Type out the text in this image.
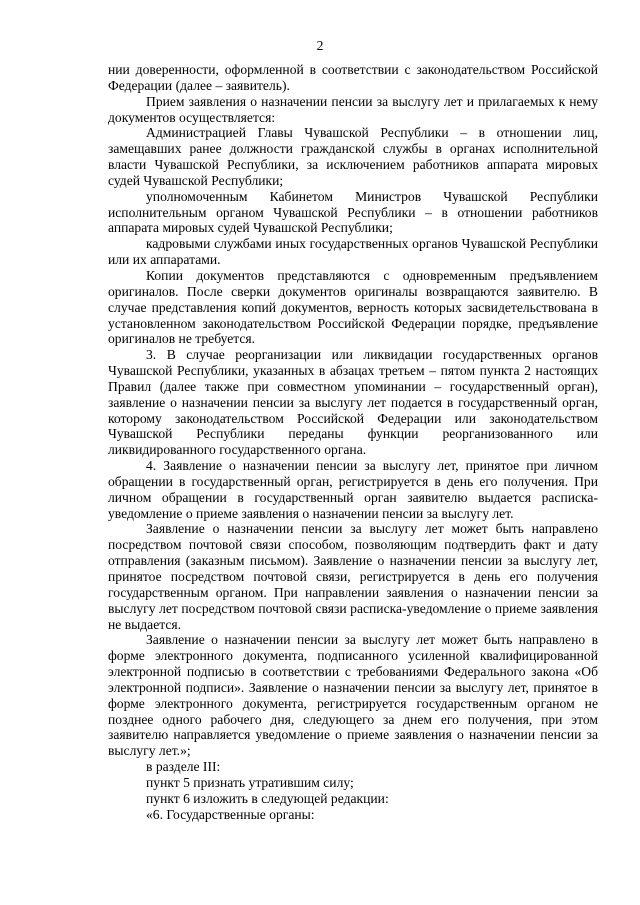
2

нии доверенности, оформленной в соответствии с законодательством Российской Федерации (далее – заявитель).

Прием заявления о назначении пенсии за выслугу лет и прилагаемых к нему документов осуществляется:

Администрацией Главы Чувашской Республики – в отношении лиц, замещавших ранее должности гражданской службы в органах исполнительной власти Чувашской Республики, за исключением работников аппарата мировых судей Чувашской Республики;

уполномоченным Кабинетом Министров Чувашской Республики исполнительным органом Чувашской Республики – в отношении работников аппарата мировых судей Чувашской Республики;

кадровыми службами иных государственных органов Чувашской Республики или их аппаратами.

Копии документов представляются с одновременным предъявлением оригиналов. После сверки документов оригиналы возвращаются заявителю. В случае представления копий документов, верность которых засвидетельствована в установленном законодательством Российской Федерации порядке, предъявление оригиналов не требуется.

3. В случае реорганизации или ликвидации государственных органов Чувашской Республики, указанных в абзацах третьем – пятом пункта 2 настоящих Правил (далее также при совместном упоминании – государственный орган), заявление о назначении пенсии за выслугу лет подается в государственный орган, которому законодательством Российской Федерации или законодательством Чувашской Республики переданы функции реорганизованного или ликвидированного государственного органа.

4. Заявление о назначении пенсии за выслугу лет, принятое при личном обращении в государственный орган, регистрируется в день его получения. При личном обращении в государственный орган заявителю выдается расписка-уведомление о приеме заявления о назначении пенсии за выслугу лет.

Заявление о назначении пенсии за выслугу лет может быть направлено посредством почтовой связи способом, позволяющим подтвердить факт и дату отправления (заказным письмом). Заявление о назначении пенсии за выслугу лет, принятое посредством почтовой связи, регистрируется в день его получения государственным органом. При направлении заявления о назначении пенсии за выслугу лет посредством почтовой связи расписка-уведомление о приеме заявления не выдается.

Заявление о назначении пенсии за выслугу лет может быть направлено в форме электронного документа, подписанного усиленной квалифицированной электронной подписью в соответствии с требованиями Федерального закона «Об электронной подписи». Заявление о назначении пенсии за выслугу лет, принятое в форме электронного документа, регистрируется государственным органом не позднее одного рабочего дня, следующего за днем его получения, при этом заявителю направляется уведомление о приеме заявления о назначении пенсии за выслугу лет.»;

в разделе III:

пункт 5 признать утратившим силу;

пункт 6 изложить в следующей редакции:

«6. Государственные органы:
